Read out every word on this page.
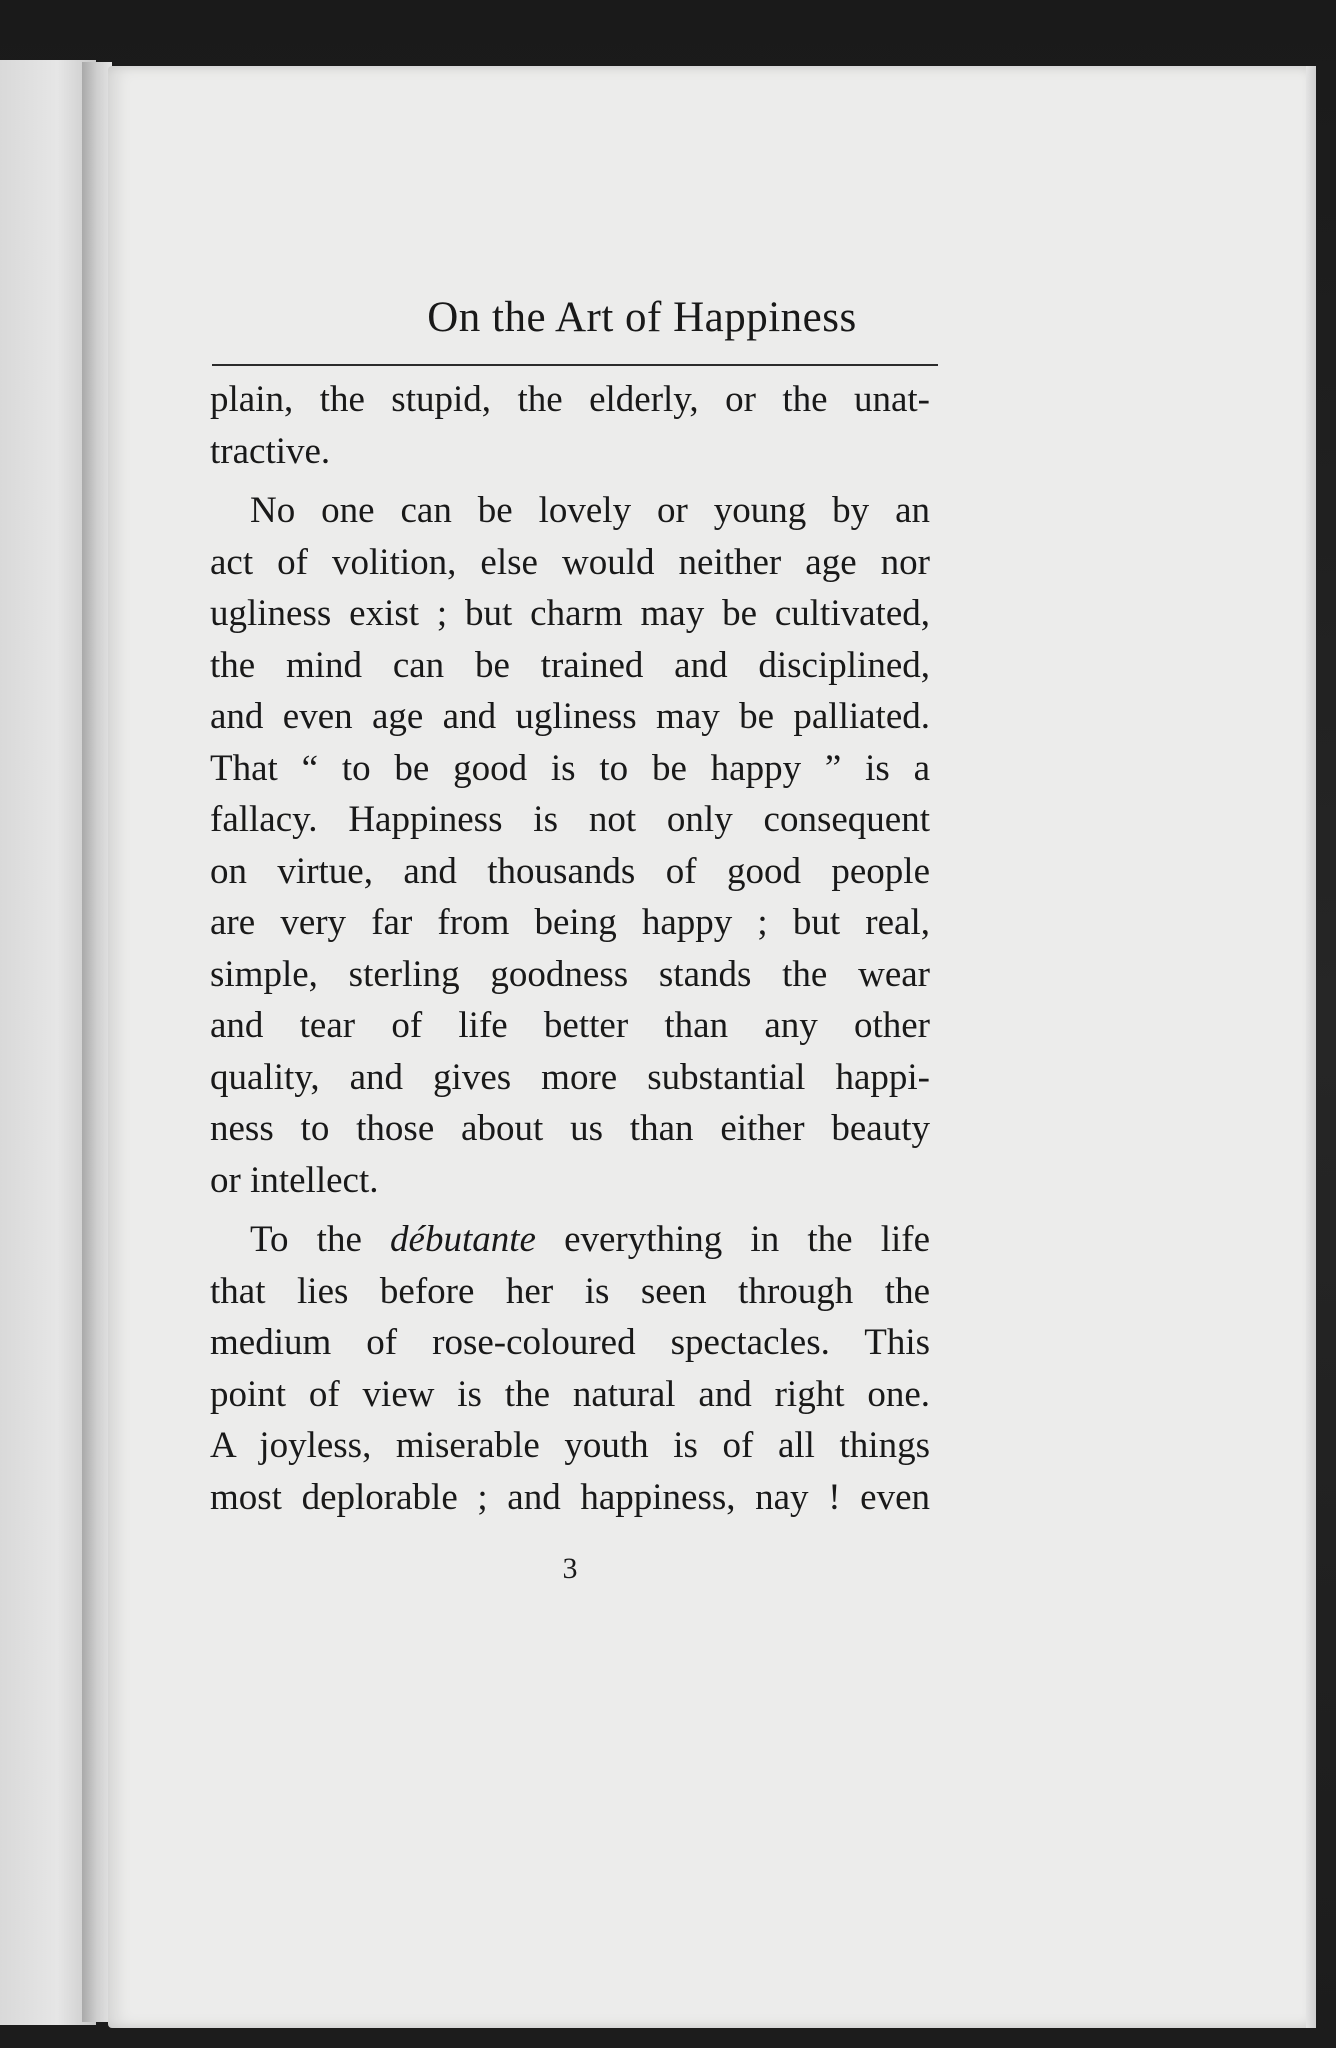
On the Art of Happiness

plain, the stupid, the elderly, or the unat-
tractive.

No one can be lovely or young by an
act of volition, else would neither age nor
ugliness exist ; but charm may be cultivated,
the mind can be trained and disciplined,
and even age and ugliness may be palliated.
That “ to be good is to be happy ” is a
fallacy. Happiness is not only consequent
on virtue, and thousands of good people
are very far from being happy ; but real,
simple, sterling goodness stands the wear
and tear of life better than any other
quality, and gives more substantial happi-
ness to those about us than either beauty
or intellect.

To the débutante everything in the life
that lies before her is seen through the
medium of rose-coloured spectacles. This
point of view is the natural and right one.
A joyless, miserable youth is of all things
most deplorable ; and happiness, nay ! even

3
